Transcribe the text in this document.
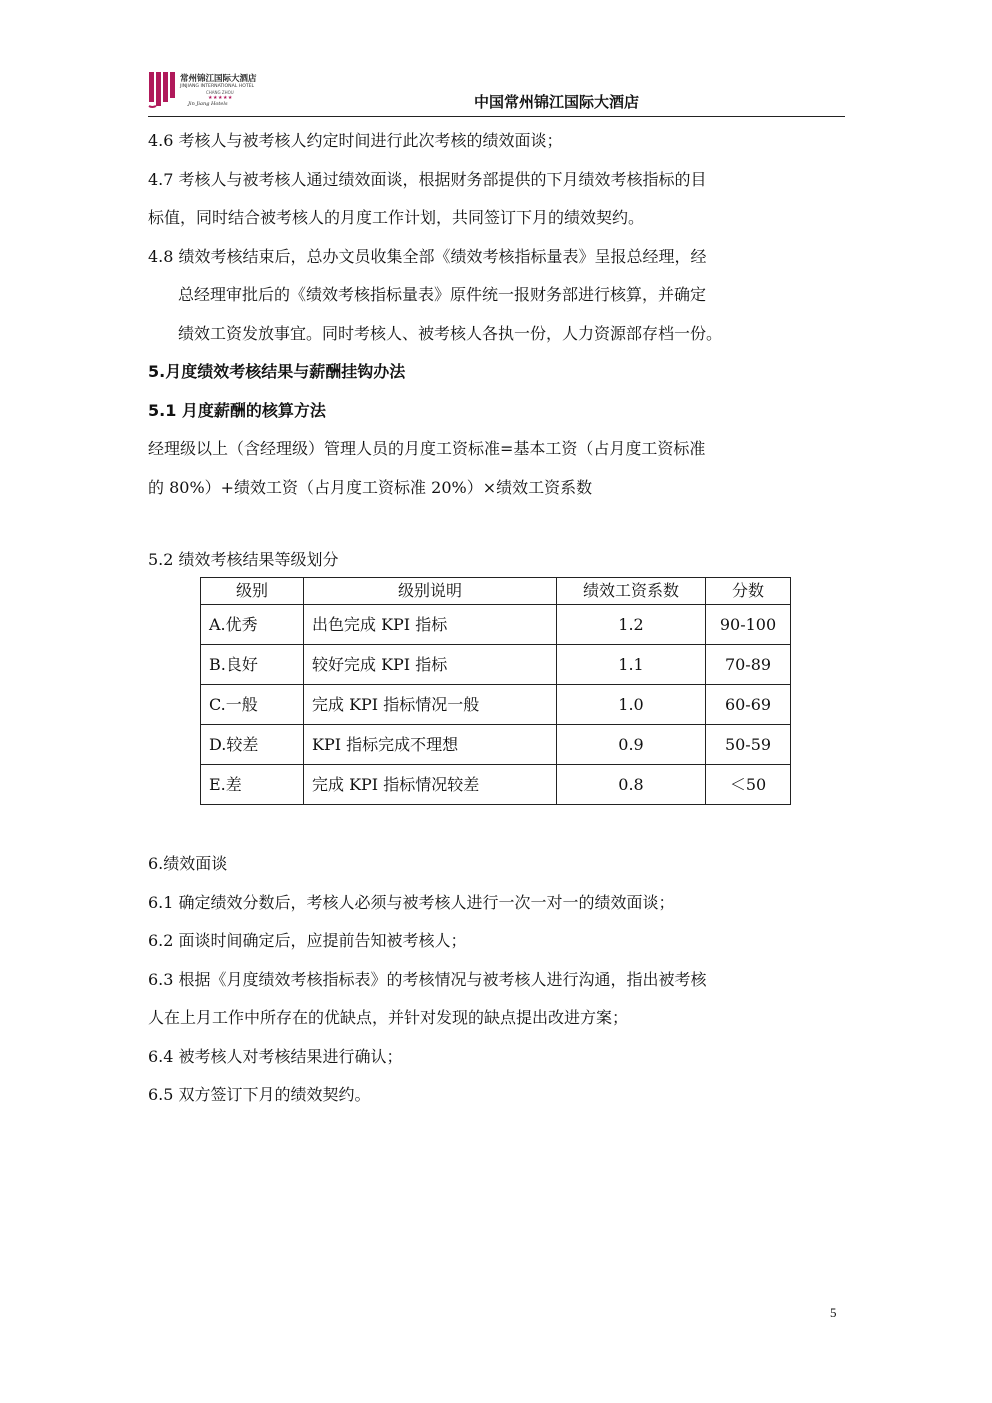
常州锦江国际大酒店
JINJIANG INTERNATIONAL HOTEL
CHANG ZHOU
★★★★★
Jin Jiang Hotels	中国常州锦江国际大酒店

4.6 考核人与被考核人约定时间进行此次考核的绩效面谈；

4.7 考核人与被考核人通过绩效面谈，根据财务部提供的下月绩效考核指标的目

标值，同时结合被考核人的月度工作计划，共同签订下月的绩效契约。

4.8 绩效考核结束后，总办文员收集全部《绩效考核指标量表》呈报总经理，经

总经理审批后的《绩效考核指标量表》原件统一报财务部进行核算，并确定

绩效工资发放事宜。同时考核人、被考核人各执一份，人力资源部存档一份。

5.月度绩效考核结果与薪酬挂钩办法

5.1 月度薪酬的核算方法

经理级以上（含经理级）管理人员的月度工资标准=基本工资（占月度工资标准

的 80%）+绩效工资（占月度工资标准 20%）×绩效工资系数

5.2 绩效考核结果等级划分

级别	级别说明	绩效工资系数	分数
A.优秀	出色完成 KPI 指标	1.2	90-100
B.良好	较好完成 KPI 指标	1.1	70-89
C.一般	完成 KPI 指标情况一般	1.0	60-69
D.较差	KPI 指标完成不理想	0.9	50-59
E.差	完成 KPI 指标情况较差	0.8	＜50

6.绩效面谈

6.1 确定绩效分数后，考核人必须与被考核人进行一次一对一的绩效面谈；

6.2 面谈时间确定后，应提前告知被考核人；

6.3 根据《月度绩效考核指标表》的考核情况与被考核人进行沟通，指出被考核

人在上月工作中所存在的优缺点，并针对发现的缺点提出改进方案；

6.4 被考核人对考核结果进行确认；

6.5 双方签订下月的绩效契约。

5
